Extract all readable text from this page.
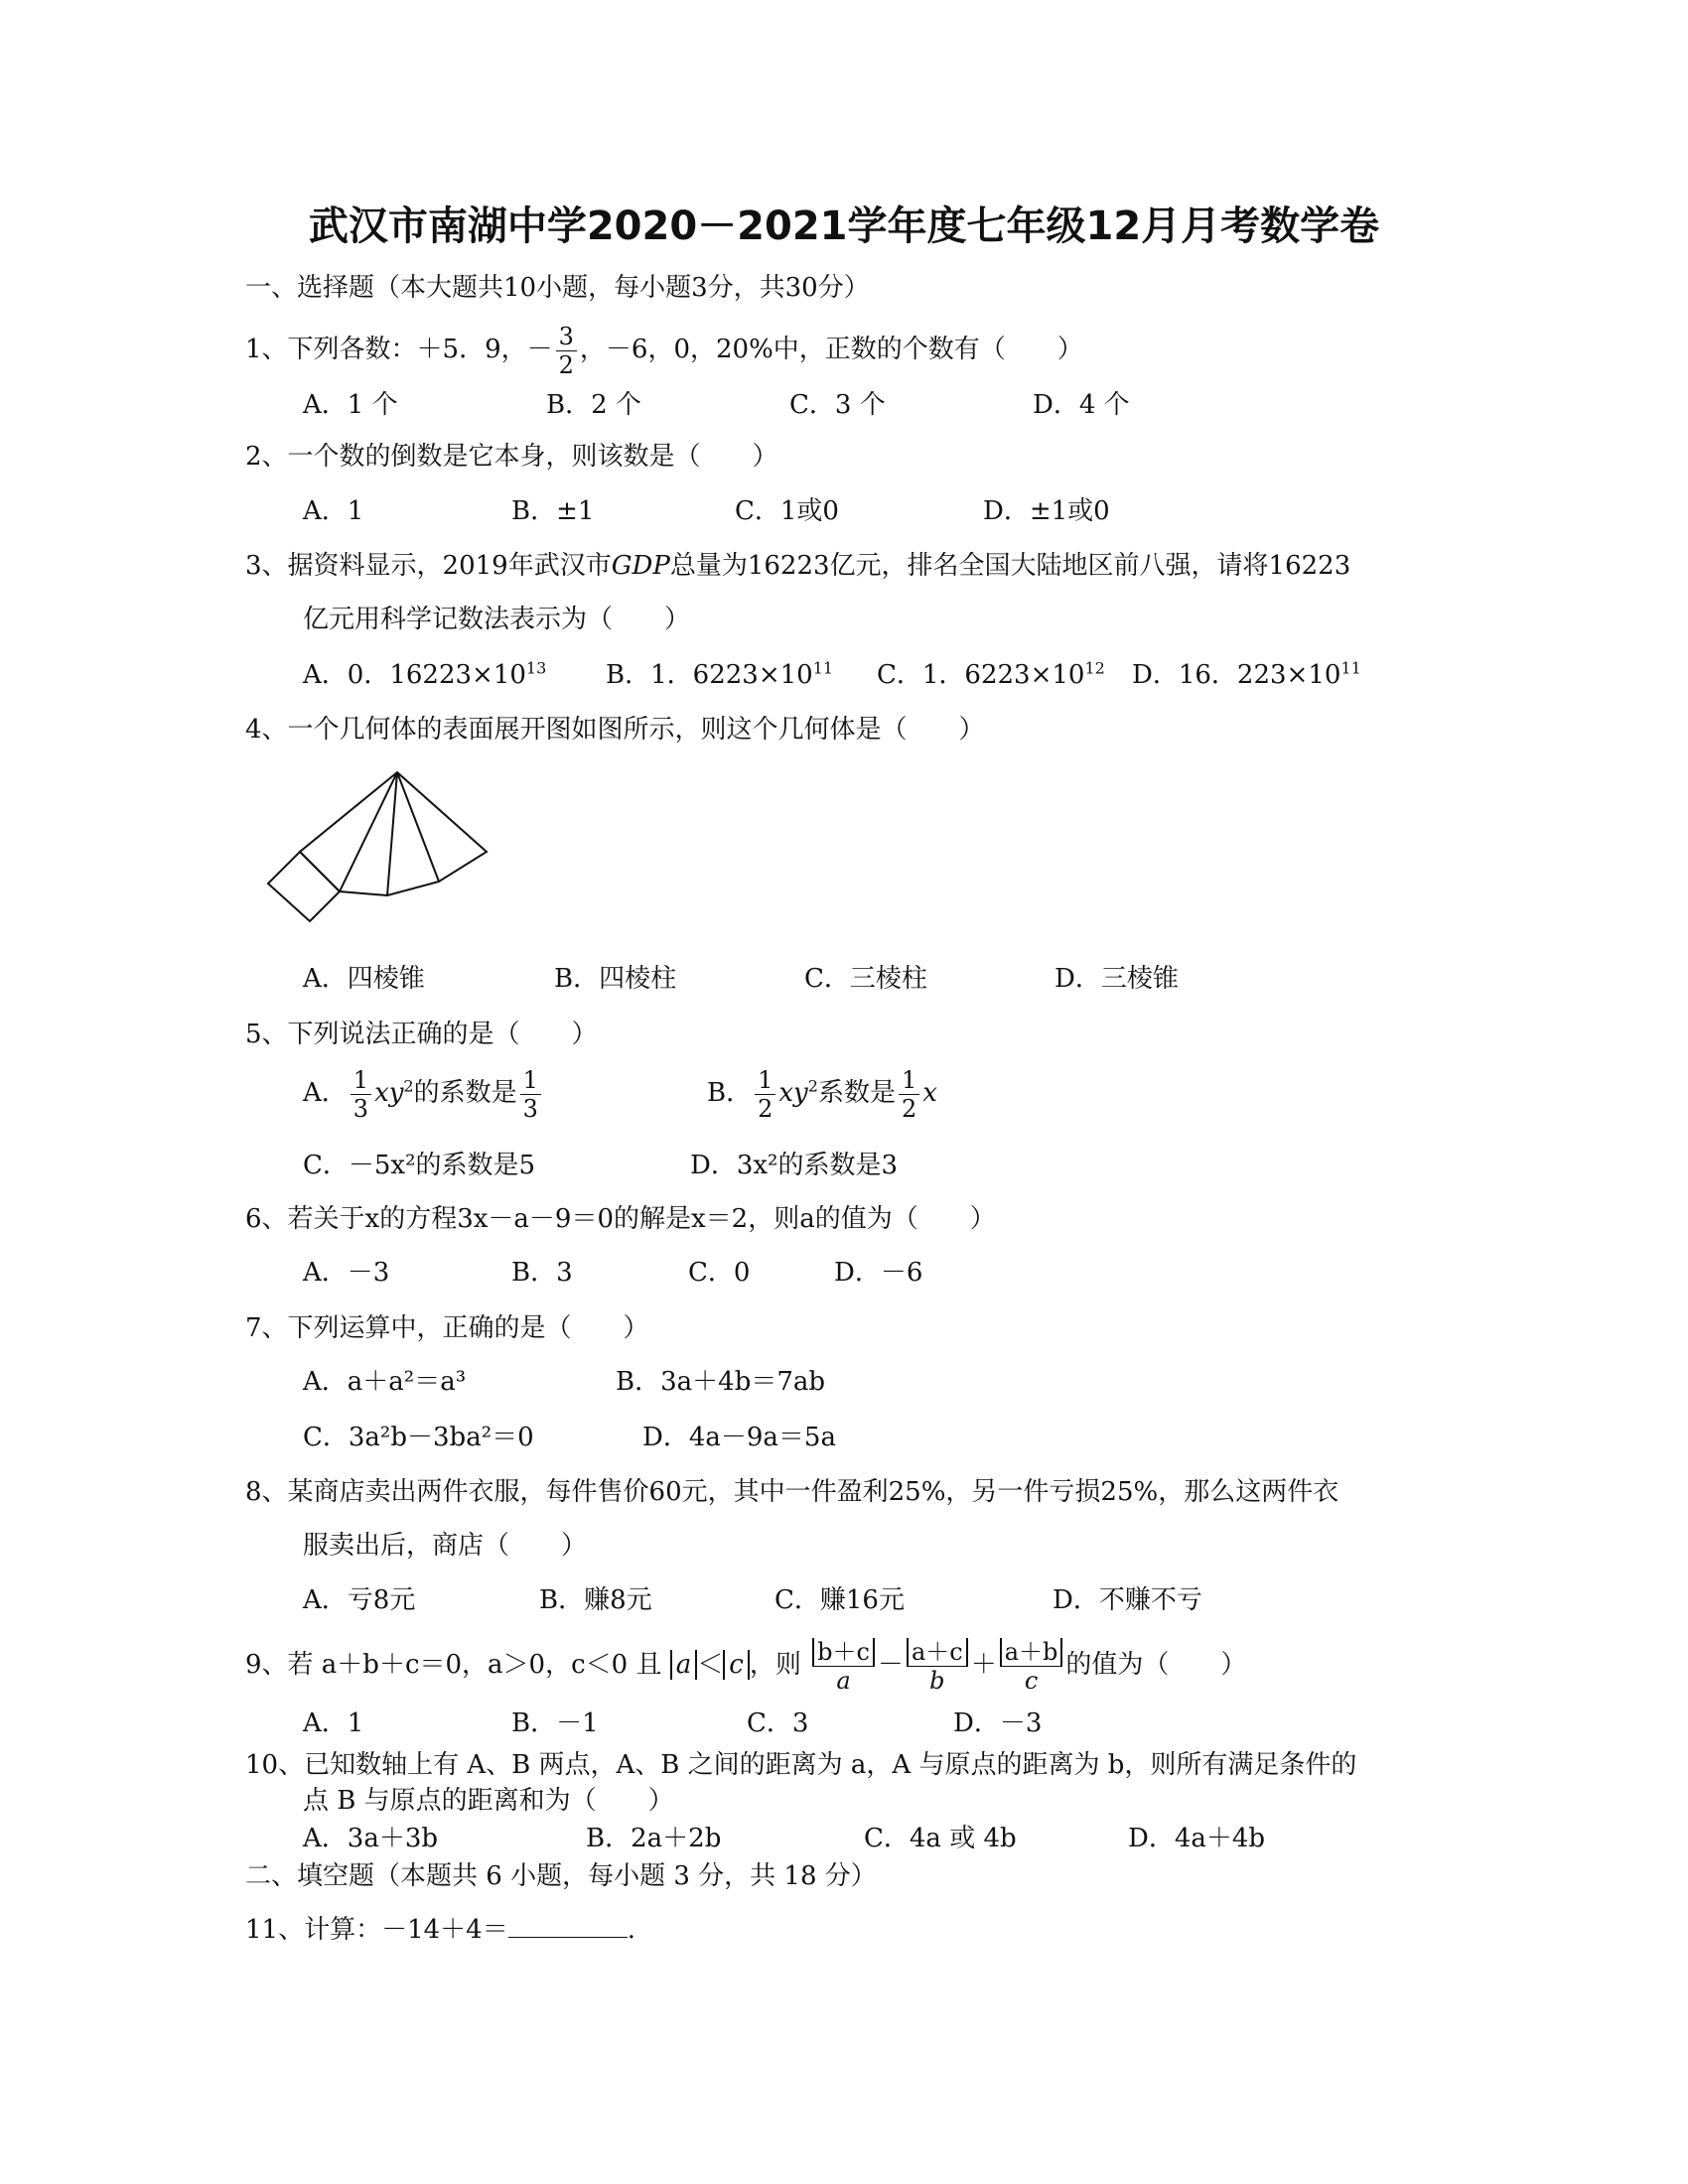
武汉市南湖中学2020－2021学年度七年级12月月考数学卷
一、选择题（本大题共10小题，每小题3分，共30分）
1、下列各数：＋5．9，－ $\frac{3}{2}$ ，－6，0，20%中，正数的个数有（　　）
A．1 个	B．2 个	C．3 个	D．4 个
2、一个数的倒数是它本身，则该数是（　　）
A．1	B．±1	C．1或0	D．±1或0
3、据资料显示，2019年武汉市GDP总量为16223亿元，排名全国大陆地区前八强，请将16223
亿元用科学记数法表示为（　　）
A．0．$16223\times 10^{13}$ B．1．$6223\times 10^{11}$ C．1．$6223\times 10^{12}$ D．16．$223\times 10^{11}$
4、一个几何体的表面展开图如图所示，则这个几何体是（　　）
A．四棱锥	B．四棱柱	C．三棱柱	D．三棱锥
5、下列说法正确的是（　　）
A． $\frac{1}{3} xy^2$的系数是 $\frac{1}{3}$	B． $\frac{1}{2} xy^2$系数是 $\frac{1}{2}$ x
C．－5x²的系数是5	D．3x²的系数是3
6、若关于x的方程3x－a－9＝0的解是x＝2，则a的值为（　　）
A．－3	B．3	C．0	D．－6
7、下列运算中，正确的是（　　）
A．a＋a²＝a³	B．3a＋4b＝7ab
C．3a²b－3ba²＝0	D．4a－9a＝5a
8、某商店卖出两件衣服，每件售价60元，其中一件盈利25%，另一件亏损25%，那么这两件衣
服卖出后，商店（　　）
A．亏8元	B．赚8元	C．赚16元	D．不赚不亏
9、若 a＋b＋c＝0，a＞0，c＜0 且 a ＜ c ，则 $\frac{b+c}{a} - \frac{a+c}{b} + \frac{a+b}{c}$ 的值为（　　）
A．1	B．－1	C．3	D．－3
10、已知数轴上有 A、B 两点，A、B 之间的距离为 a，A 与原点的距离为 b，则所有满足条件的
点 B 与原点的距离和为（　　）
A．3a＋3b	B．2a＋2b	C．4a 或 4b	D．4a＋4b
二、填空题（本题共 6 小题，每小题 3 分，共 18 分）
11、计算：－14＋4＝	.
